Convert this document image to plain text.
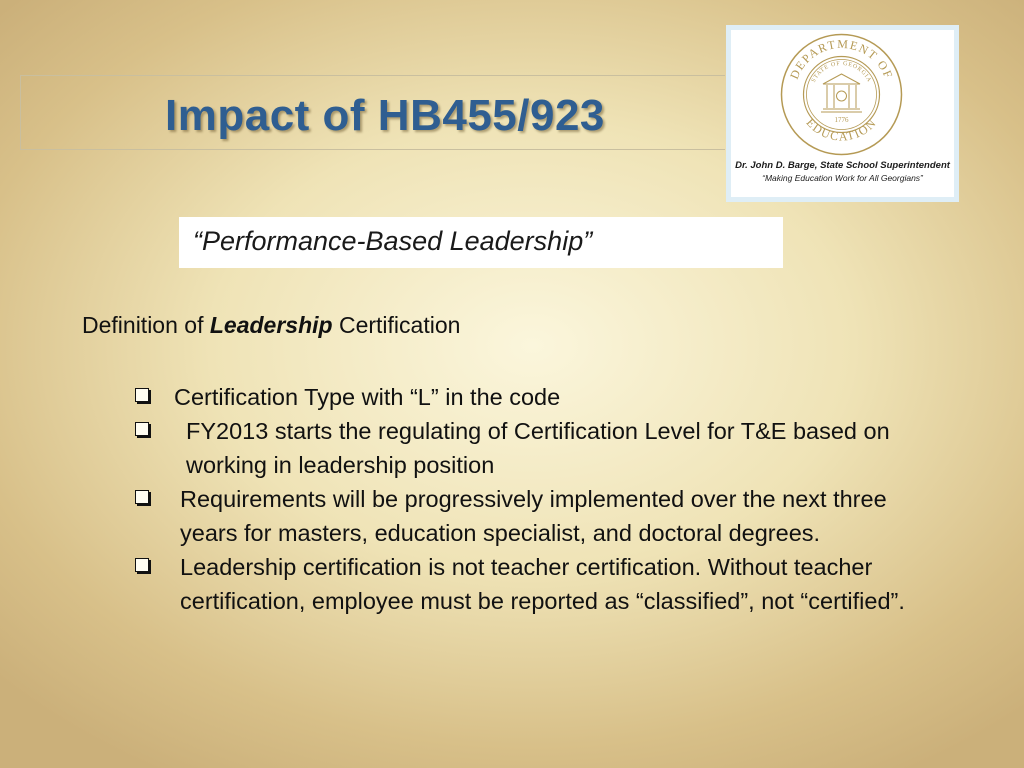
Impact of HB455/923
DEPARTMENT OF
EDUCATION
STATE OF GEORGIA
1776
Dr. John D. Barge, State School Superintendent
“Making Education Work for All Georgians”
“Performance-Based Leadership”
Definition of Leadership Certification
Certification Type with “L” in the code
FY2013 starts the regulating of Certification Level for T&E based on working in leadership position
Requirements will be progressively implemented over the next three years for masters, education specialist, and doctoral degrees.
Leadership certification is not teacher certification. Without teacher certification, employee must be reported as “classified”, not “certified”.
